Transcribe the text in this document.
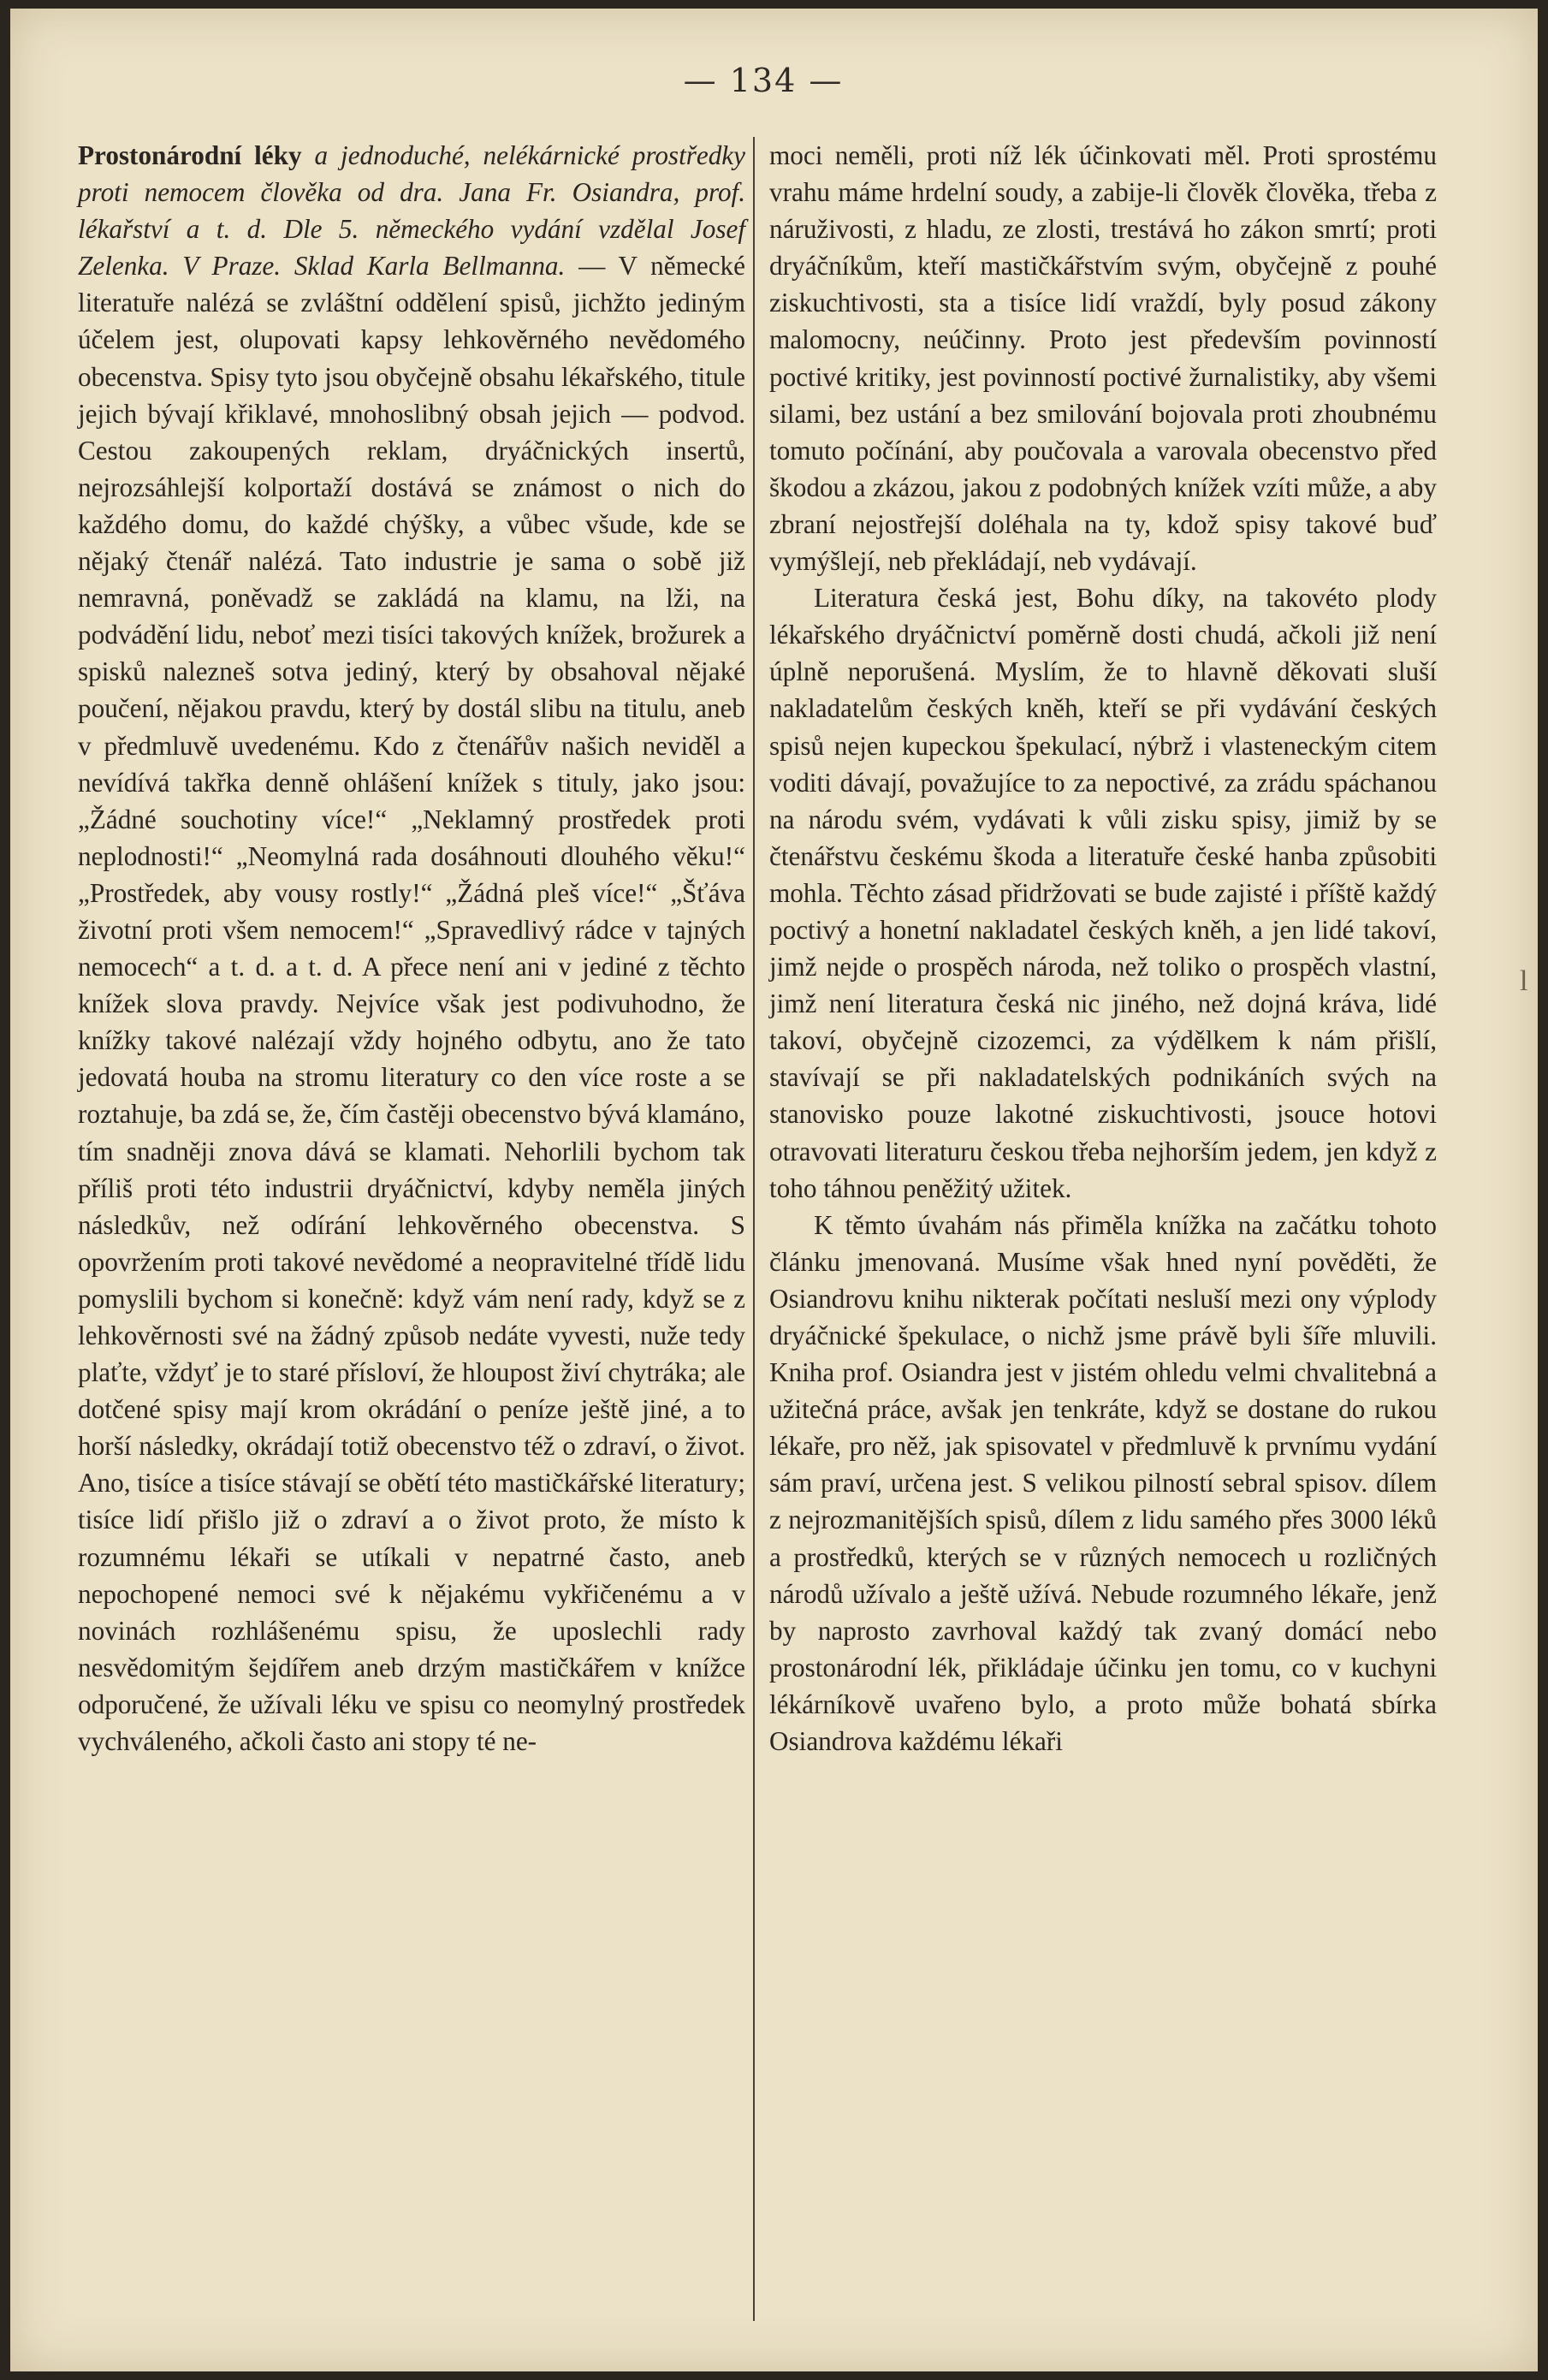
— 134 —

Prostonárodní léky a jednoduché, nelékárnické prostředky proti nemocem člověka od dra. Jana Fr. Osiandra, prof. lékařství a t. d. Dle 5. německého vydání vzdělal Josef Zelenka. V Praze. Sklad Karla Bellmanna. — V německé literatuře nalézá se zvláštní oddělení spisů, jichžto jediným účelem jest, olupovati kapsy lehkověrného nevědomého obecenstva. Spisy tyto jsou obyčejně obsahu lékařského, titule jejich bývají křiklavé, mnohoslibný obsah jejich — podvod. Cestou zakoupených reklam, dryáčnických insertů, nejrozsáhlejší kolportaží dostává se známost o nich do každého domu, do každé chýšky, a vůbec všude, kde se nějaký čtenář nalézá. Tato industrie je sama o sobě již nemravná, poněvadž se zakládá na klamu, na lži, na podvádění lidu, neboť mezi tisíci takových knížek, brožurek a spisků nalezneš sotva jediný, který by obsahoval nějaké poučení, nějakou pravdu, který by dostál slibu na titulu, aneb v předmluvě uvedenému. Kdo z čtenářův našich neviděl a nevídívá takřka denně ohlášení knížek s tituly, jako jsou: „Žádné souchotiny více!“ „Neklamný prostředek proti neplodnosti!“ „Neomylná rada dosáhnouti dlouhého věku!“ „Prostředek, aby vousy rostly!“ „Žádná pleš více!“ „Šťáva životní proti všem nemocem!“ „Spravedlivý rádce v tajných nemocech“ a t. d. a t. d. A přece není ani v jediné z těchto knížek slova pravdy. Nejvíce však jest podivuhodno, že knížky takové nalézají vždy hojného odbytu, ano že tato jedovatá houba na stromu literatury co den více roste a se roztahuje, ba zdá se, že, čím častěji obecenstvo bývá klamáno, tím snadněji znova dává se klamati. Nehorlili bychom tak příliš proti této industrii dryáčnictví, kdyby neměla jiných následkův, než odírání lehkověrného obecenstva. S opovržením proti takové nevědomé a neopravitelné třídě lidu pomyslili bychom si konečně: když vám není rady, když se z lehkověrnosti své na žádný způsob nedáte vyvesti, nuže tedy plaťte, vždyť je to staré přísloví, že hloupost živí chytráka; ale dotčené spisy mají krom okrádání o peníze ještě jiné, a to horší následky, okrádají totiž obecenstvo též o zdraví, o život. Ano, tisíce a tisíce stávají se obětí této mastičkářské literatury; tisíce lidí přišlo již o zdraví a o život proto, že místo k rozumnému lékaři se utíkali v nepatrné často, aneb nepochopené nemoci své k nějakému vykřičenému a v novinách rozhlášenému spisu, že uposlechli rady nesvědomitým šejdířem aneb drzým mastičkářem v knížce odporučené, že užívali léku ve spisu co neomylný prostředek vychváleného, ačkoli často ani stopy té ne-

moci neměli, proti níž lék účinkovati měl. Proti sprostému vrahu máme hrdelní soudy, a zabije-li člověk člověka, třeba z náruživosti, z hladu, ze zlosti, trestává ho zákon smrtí; proti dryáčníkům, kteří mastičkářstvím svým, obyčejně z pouhé ziskuchtivosti, sta a tisíce lidí vraždí, byly posud zákony malomocny, neúčinny. Proto jest především povinností poctivé kritiky, jest povinností poctivé žurnalistiky, aby všemi silami, bez ustání a bez smilování bojovala proti zhoubnému tomuto počínání, aby poučovala a varovala obecenstvo před škodou a zkázou, jakou z podobných knížek vzíti může, a aby zbraní nejostřejší doléhala na ty, kdož spisy takové buď vymýšlejí, neb překládají, neb vydávají.

Literatura česká jest, Bohu díky, na takovéto plody lékařského dryáčnictví poměrně dosti chudá, ačkoli již není úplně neporušená. Myslím, že to hlavně děkovati sluší nakladatelům českých kněh, kteří se při vydávání českých spisů nejen kupeckou špekulací, nýbrž i vlasteneckým citem voditi dávají, považujíce to za nepoctivé, za zrádu spáchanou na národu svém, vydávati k vůli zisku spisy, jimiž by se čtenářstvu českému škoda a literatuře české hanba způsobiti mohla. Těchto zásad přidržovati se bude zajisté i příště každý poctivý a honetní nakladatel českých kněh, a jen lidé takoví, jimž nejde o prospěch národa, než toliko o prospěch vlastní, jimž není literatura česká nic jiného, než dojná kráva, lidé takoví, obyčejně cizozemci, za výdělkem k nám přišlí, stavívají se při nakladatelských podnikáních svých na stanovisko pouze lakotné ziskuchtivosti, jsouce hotovi otravovati literaturu českou třeba nejhorším jedem, jen když z toho táhnou peněžitý užitek.

K těmto úvahám nás přiměla knížka na začátku tohoto článku jmenovaná. Musíme však hned nyní pověděti, že Osiandrovu knihu nikterak počítati nesluší mezi ony výplody dryáčnické špekulace, o nichž jsme právě byli šíře mluvili. Kniha prof. Osiandra jest v jistém ohledu velmi chvalitebná a užitečná práce, avšak jen tenkráte, když se dostane do rukou lékaře, pro něž, jak spisovatel v předmluvě k prvnímu vydání sám praví, určena jest. S velikou pilností sebral spisov. dílem z nejrozmanitějších spisů, dílem z lidu samého přes 3000 léků a prostředků, kterých se v různých nemocech u rozličných národů užívalo a ještě užívá. Nebude rozumného lékaře, jenž by naprosto zavrhoval každý tak zvaný domácí nebo prostonárodní lék, přikládaje účinku jen tomu, co v kuchyni lékárníkově uvařeno bylo, a proto může bohatá sbírka Osiandrova každému lékaři

l
